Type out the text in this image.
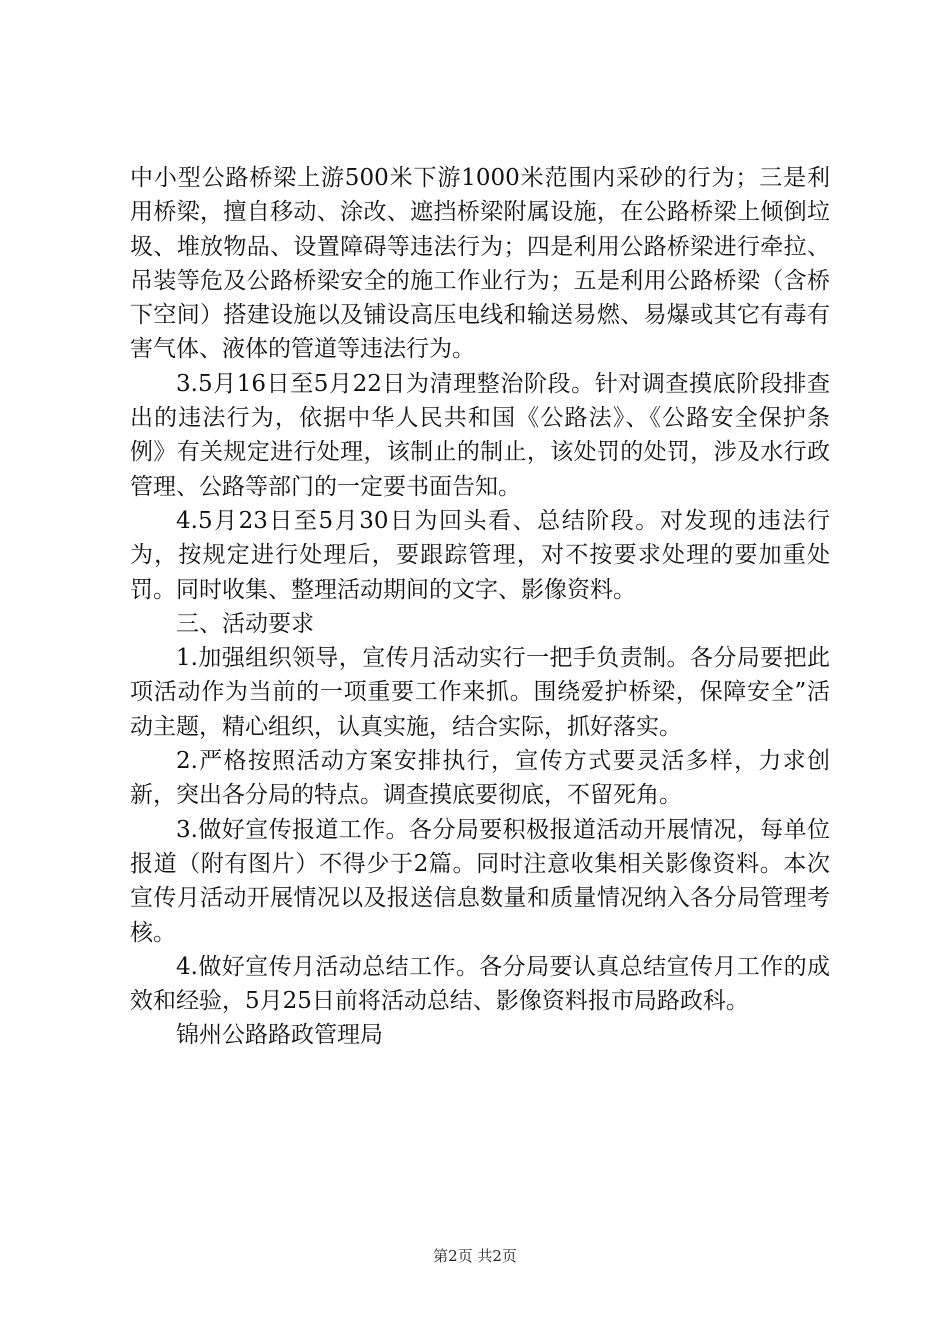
中小型公路桥梁上游500米下游1000米范围内采砂的行为；三是利用桥梁，擅自移动、涂改、遮挡桥梁附属设施，在公路桥梁上倾倒垃圾、堆放物品、设置障碍等违法行为；四是利用公路桥梁进行牵拉、吊装等危及公路桥梁安全的施工作业行为；五是利用公路桥梁（含桥下空间）搭建设施以及铺设高压电线和输送易燃、易爆或其它有毒有害气体、液体的管道等违法行为。

3.5月16日至5月22日为清理整治阶段。针对调查摸底阶段排查出的违法行为，依据中华人民共和国《公路法》、《公路安全保护条例》有关规定进行处理，该制止的制止，该处罚的处罚，涉及水行政管理、公路等部门的一定要书面告知。

4.5月23日至5月30日为回头看、总结阶段。对发现的违法行为，按规定进行处理后，要跟踪管理，对不按要求处理的要加重处罚。同时收集、整理活动期间的文字、影像资料。

三、活动要求

1.加强组织领导，宣传月活动实行一把手负责制。各分局要把此项活动作为当前的一项重要工作来抓。围绕爱护桥梁，保障安全”活动主题，精心组织，认真实施，结合实际，抓好落实。

2.严格按照活动方案安排执行，宣传方式要灵活多样，力求创新，突出各分局的特点。调查摸底要彻底，不留死角。

3.做好宣传报道工作。各分局要积极报道活动开展情况，每单位报道（附有图片）不得少于2篇。同时注意收集相关影像资料。本次宣传月活动开展情况以及报送信息数量和质量情况纳入各分局管理考核。

4.做好宣传月活动总结工作。各分局要认真总结宣传月工作的成效和经验，5月25日前将活动总结、影像资料报市局路政科。

锦州公路路政管理局

第2页 共2页
